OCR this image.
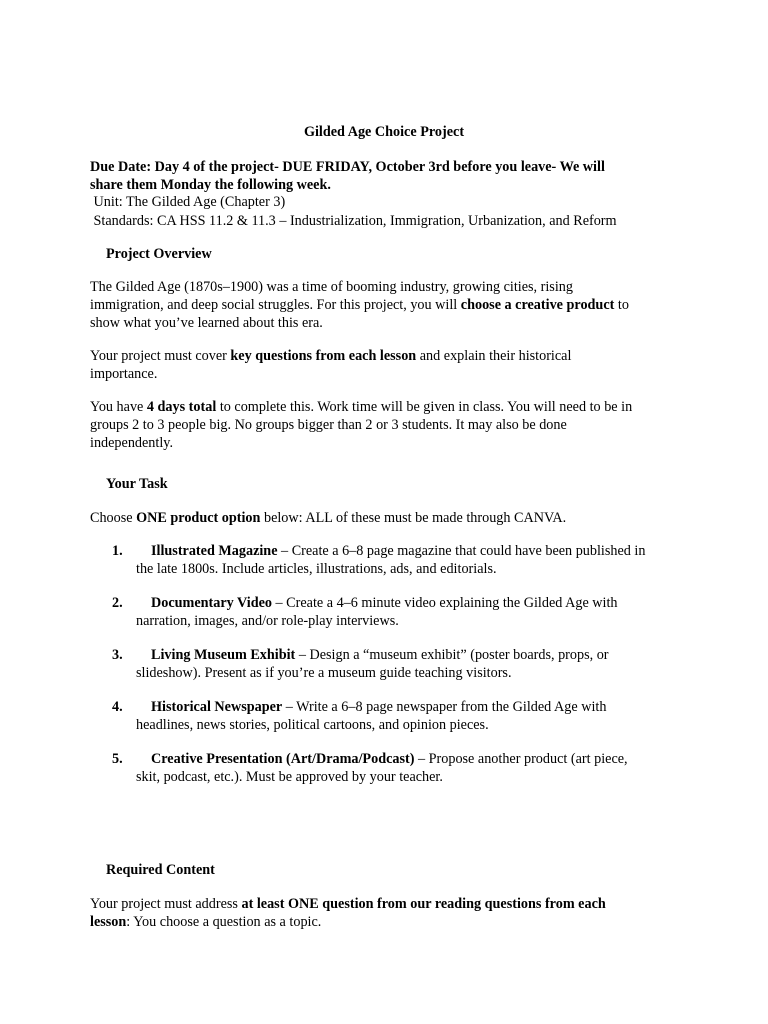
Gilded Age Choice Project
Due Date: Day 4 of the project- DUE FRIDAY, October 3rd before you leave- We will
share them Monday the following week.
Unit: The Gilded Age (Chapter 3)
Standards: CA HSS 11.2 & 11.3 – Industrialization, Immigration, Urbanization, and Reform
Project Overview
The Gilded Age (1870s–1900) was a time of booming industry, growing cities, rising
immigration, and deep social struggles. For this project, you will choose a creative product to
show what you’ve learned about this era.
Your project must cover key questions from each lesson and explain their historical
importance.
You have 4 days total to complete this. Work time will be given in class. You will need to be in
groups 2 to 3 people big. No groups bigger than 2 or 3 students. It may also be done
independently.
Your Task
Choose ONE product option below: ALL of these must be made through CANVA.
1.	Illustrated Magazine – Create a 6–8 page magazine that could have been published in
the late 1800s. Include articles, illustrations, ads, and editorials.
2.	Documentary Video – Create a 4–6 minute video explaining the Gilded Age with
narration, images, and/or role-play interviews.
3.	Living Museum Exhibit – Design a “museum exhibit” (poster boards, props, or
slideshow). Present as if you’re a museum guide teaching visitors.
4.	Historical Newspaper – Write a 6–8 page newspaper from the Gilded Age with
headlines, news stories, political cartoons, and opinion pieces.
5.	Creative Presentation (Art/Drama/Podcast) – Propose another product (art piece,
skit, podcast, etc.). Must be approved by your teacher.
Required Content
Your project must address at least ONE question from our reading questions from each
lesson: You choose a question as a topic.
